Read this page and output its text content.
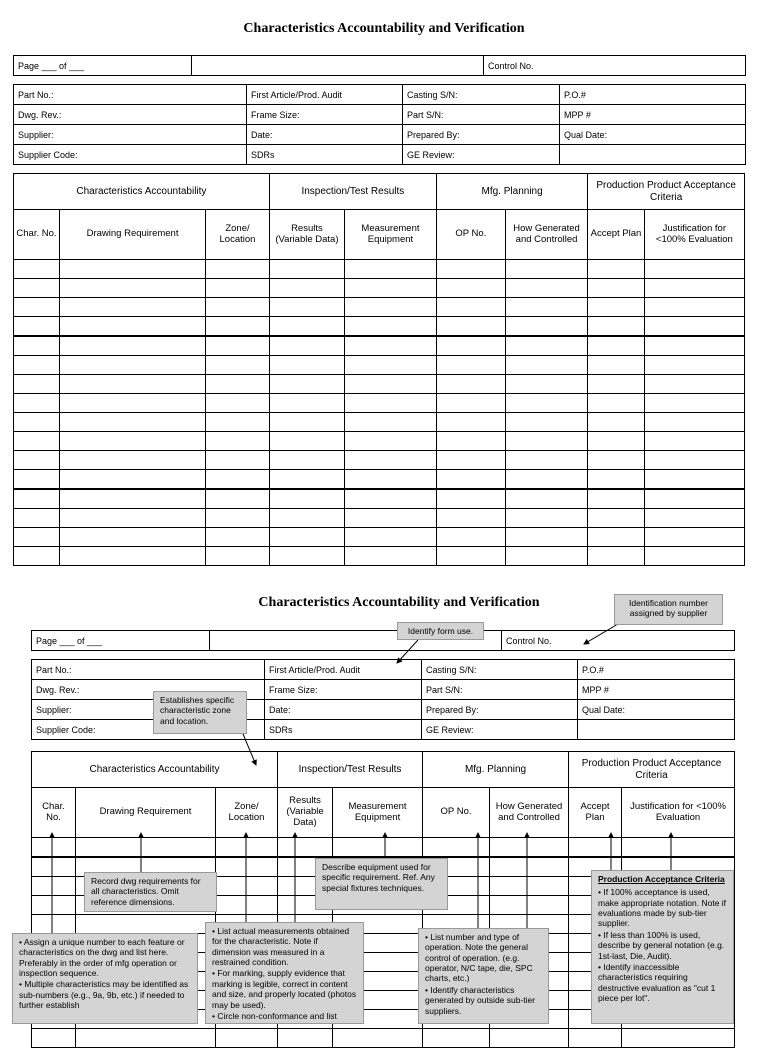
Characteristics Accountability and Verification
Page ___ of ___		Control No.
Part No.:	First Article/Prod. Audit	Casting S/N:	P.O.#
Dwg. Rev.:	Frame Size:	Part S/N:	MPP #
Supplier:	Date:	Prepared By:	Qual Date:
Supplier Code:	SDRs	GE Review:	
Characteristics Accountability			Inspection/Test Results		Mfg. Planning		Production Product Acceptance Criteria	
Char. No.	Drawing Requirement	Zone/ Location	Results (Variable Data)	Measurement Equipment	OP No.	How Generated and Controlled	Accept Plan	Justification for <100% Evaluation

Characteristics Accountability and Verification
Page ___ of ___		Control No.
Part No.:	First Article/Prod. Audit	Casting S/N:	P.O.#
Dwg. Rev.:	Frame Size:	Part S/N:	MPP #
Supplier:	Date:	Prepared By:	Qual Date:
Supplier Code:	SDRs	GE Review:	
Characteristics Accountability			Inspection/Test Results		Mfg. Planning		Production Product Acceptance Criteria	
Char. No.	Drawing Requirement	Zone/ Location	Results (Variable Data)	Measurement Equipment	OP No.	How Generated and Controlled	Accept Plan	Justification for <100% Evaluation

Identify form use.
Identification number assigned by supplier
Establishes specific characteristic zone and location.
Record dwg requirements for all characteristics. Omit reference dimensions.
Describe equipment used for specific requirement. Ref. Any special fixtures techniques.
Production Acceptance Criteria

• If 100% acceptance is used, make appropriate notation. Note if evaluations made by sub-tier supplier.

• If less than 100% is used, describe by general notation (e.g. 1st-last, Die, Audit).

• Identify inaccessible characteristics requiring destructive evaluation as "cut 1 piece per lot".

• Assign a unique number to each feature or characteristics on the dwg and list here. Preferably in the order of mfg operation or inspection sequence.

• Multiple characteristics may be identified as sub-numbers (e.g., 9a, 9b, etc.) if needed to further establish

• List actual measurements obtained for the characteristic. Note if dimension was measured in a restrained condition.

• For marking, supply evidence that marking is legible, correct in content and size, and properly located (photos may be used).

• Circle non-conformance and list

• List number and type of operation. Note the general control of operation. (e.g. operator, N/C tape, die, SPC charts, etc.)

• Identify characteristics generated by outside sub-tier suppliers.
